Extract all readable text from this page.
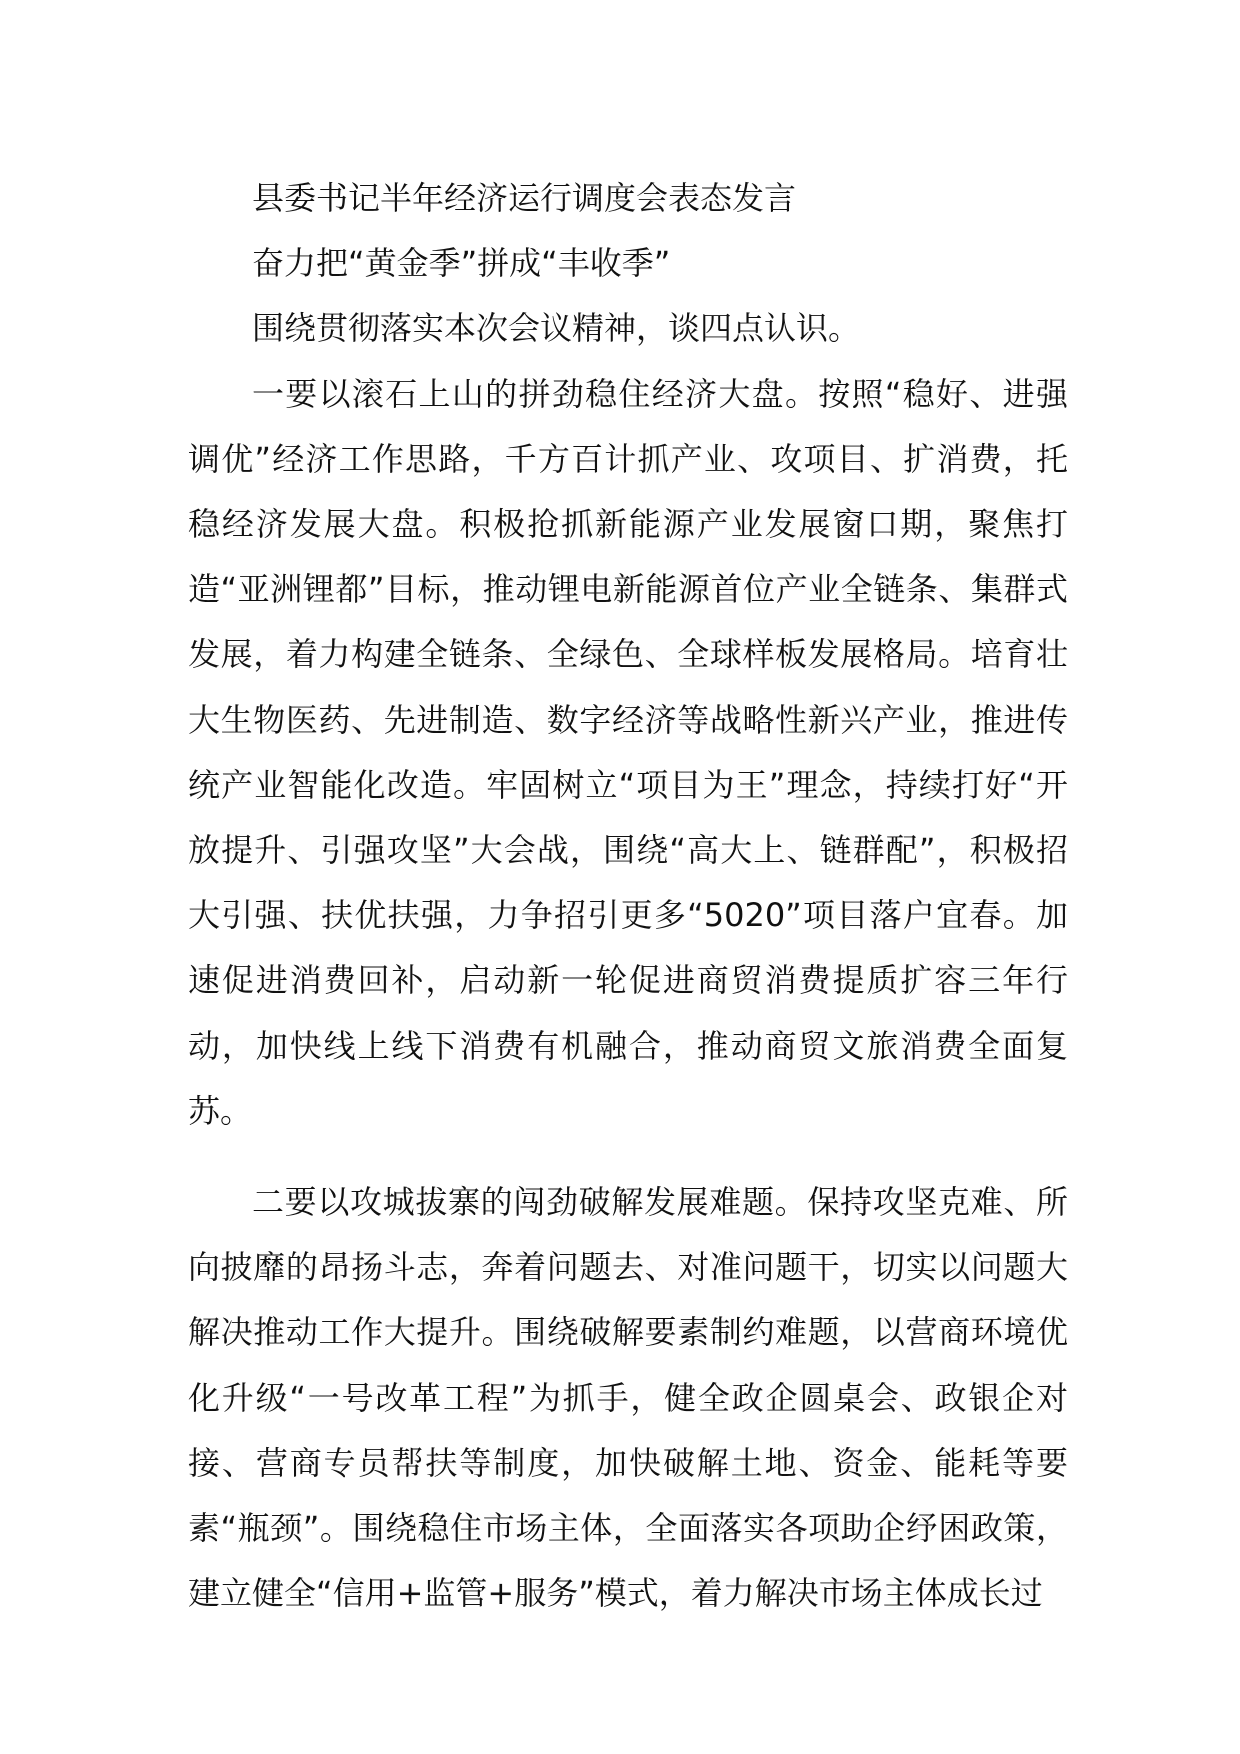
县委书记半年经济运行调度会表态发言

奋力把“黄金季”拼成“丰收季”

围绕贯彻落实本次会议精神，谈四点认识。

一要以滚石上山的拼劲稳住经济大盘。按照“稳好、进强调优”经济工作思路，千方百计抓产业、攻项目、扩消费，托稳经济发展大盘。积极抢抓新能源产业发展窗口期，聚焦打造“亚洲锂都”目标，推动锂电新能源首位产业全链条、集群式发展，着力构建全链条、全绿色、全球样板发展格局。培育壮大生物医药、先进制造、数字经济等战略性新兴产业，推进传统产业智能化改造。牢固树立“项目为王”理念，持续打好“开放提升、引强攻坚”大会战，围绕“高大上、链群配”，积极招大引强、扶优扶强，力争招引更多“5020”项目落户宜春。加速促进消费回补，启动新一轮促进商贸消费提质扩容三年行动，加快线上线下消费有机融合，推动商贸文旅消费全面复苏。

二要以攻城拔寨的闯劲破解发展难题。保持攻坚克难、所向披靡的昂扬斗志，奔着问题去、对准问题干，切实以问题大解决推动工作大提升。围绕破解要素制约难题，以营商环境优化升级“一号改革工程”为抓手，健全政企圆桌会、政银企对接、营商专员帮扶等制度，加快破解土地、资金、能耗等要素“瓶颈”。围绕稳住市场主体，全面落实各项助企纾困政策，建立健全“信用+监管+服务”模式，着力解决市场主体成长过
